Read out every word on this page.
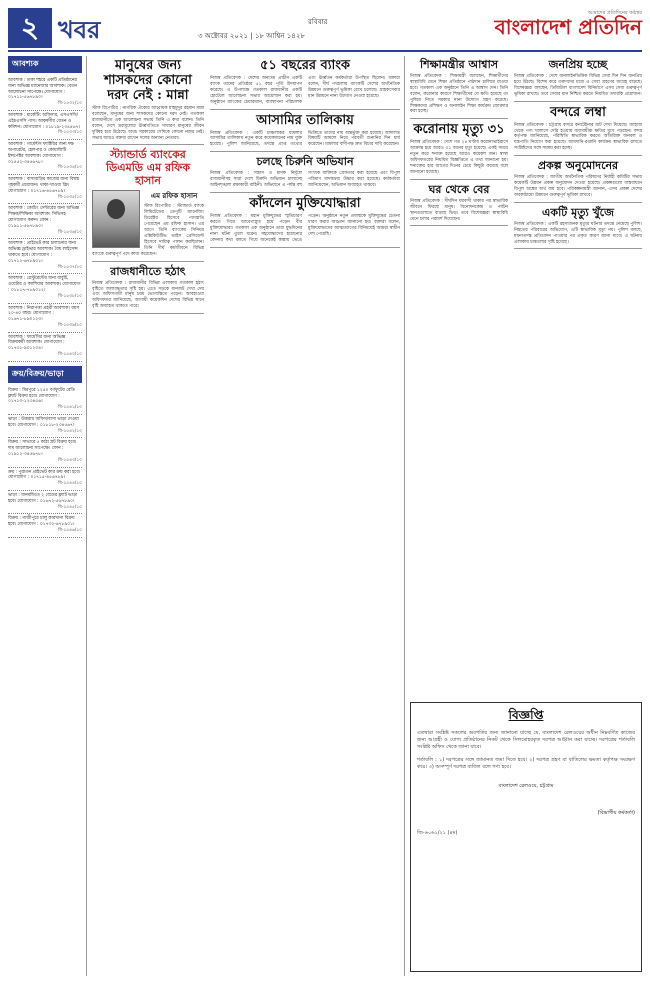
২ খবর	রবিবার
৩ অক্টোবর ২০২১ | ১৮ আশ্বিন ১৪২৮
আমাদের প্রতিদিনের কণ্ঠস্বর
বাংলাদেশ প্রতিদিন
আবশ্যক
আবশ্যক : ঢাকা শহরে একটি প্রতিষ্ঠানের জন্য অভিজ্ঞ ম্যানেজার আবশ্যক। বেতন আলোচনা সাপেক্ষে। যোগাযোগ : ০১৭১১-৫৬৭৮৯০।
বি-১৫৩২/১০
আবশ্যক : মার্কেটিং অফিসার, এসএসসি/এইচএসসি পাস। আকর্ষণীয় বেতন ও কমিশন। যোগাযোগ : ০১৮১৯-২৩৪৫৬৭।
বি-১৫৩৩/১০
আবশ্যক : গার্মেন্টস ফ্যাক্টরির জন্য দক্ষ অপারেটর, হেলপার ও কোয়ালিটি ইন্সপেক্টর আবশ্যক। যোগাযোগ : ০১৫৫২-৩৪৫৬৭৮।
বি-১৫৩৪/১০
আবশ্যক : বাসাবাড়ির কাজের জন্য বিশ্বস্ত গৃহকর্মী প্রয়োজন। থাকা-খাওয়া ফ্রি। যোগাযোগ : ০১৭১৬-৪৫৬৭৮৯।
বি-১৫৩৫/১০
আবশ্যক : কোচিং সেন্টারের জন্য অভিজ্ঞ শিক্ষক/শিক্ষিকা আবশ্যক। সিভিসহ যোগাযোগ করুন। ফোন : ০১৯১১-৫৬৭৮৯০।
বি-১৫৩৬/১০
আবশ্যক : প্রাইভেট কার চালানোর জন্য অভিজ্ঞ ড্রাইভার আবশ্যক। বৈধ লাইসেন্স থাকতে হবে। যোগাযোগ : ০১৭১২-৬৭৮৯০১।
বি-১৫৩৭/১০
আবশ্যক : রেস্টুরেন্টের জন্য বাবুর্চি, ওয়েটার ও ক্যাশিয়ার আবশ্যক। যোগাযোগ : ০১৮১৭-৭৮৯০১২।
বি-১৫৩৮/১০
আবশ্যক : নিরাপত্তা প্রহরী আবশ্যক। বয়স ২০-৪০ বছর। যোগাযোগ : ০১৬৭১-৮৯০১২৩।
বি-১৫৩৯/১০
আবশ্যক : ফার্মেসির জন্য অভিজ্ঞ বিক্রয়কর্মী আবশ্যক। যোগাযোগ : ০১৭৩১-৯০১২৩৪।
বি-১৫৪০/১০
ক্রয়/বিক্রয়/ভাড়া
বিক্রয় : মিরপুরে ১২৫০ বর্গফুটের রেডি ফ্ল্যাট বিক্রয় হবে। যোগাযোগ : ০১৭১৩-১২৩৪৫৬।
বি-১৫৪১/১০
ভাড়া : উত্তরায় অফিস/বাসা ভাড়া দেওয়া হবে। যোগাযোগ : ০১৮১৮-২৩৪৫৬৭।
বি-১৫৪২/১০
বিক্রয় : সাভারে ৫ কাঠা প্লট বিক্রয় হবে। দাম আলোচনা সাপেক্ষে। ফোন : ০১৯১২-৩৪৫৬৭৮।
বি-১৫৪৩/১০
ক্রয় : পুরাতন প্রাইভেট কার ক্রয় করা হবে। যোগাযোগ : ০১৭১৫-৪৫৬৭৮৯।
বি-১৫৪৪/১০
ভাড়া : ধানমন্ডিতে ২ বেডের ফ্ল্যাট ভাড়া হবে। যোগাযোগ : ০১৬৭২-৫৬৭৮৯০।
বি-১৫৪৫/১০
বিক্রয় : গাজীপুরে চালু কারখানা বিক্রয় হবে। যোগাযোগ : ০১৭৩২-৬৭৮৯০১।
বি-১৫৪৬/১০
মানুষের জন্য শাসকদের কোনো দরদ নেই : মান্না
স্টাফ রিপোর্টার : নাগরিক ঐক্যের আহ্বায়ক মাহমুদুর রহমান মান্না বলেছেন, মানুষের জন্য শাসকদের কোনো দরদ নেই। গতকাল রাজধানীতে এক আলোচনা সভায় তিনি এ কথা বলেন। তিনি বলেন, দেশে দ্রব্যমূল্যের ঊর্ধ্বগতিতে সাধারণ মানুষের জীবন দুর্বিষহ হয়ে উঠেছে। অথচ সরকারের সেদিকে কোনো নজর নেই। সভায় আরও বক্তব্য রাখেন দলের অন্যান্য নেতারা।
স্ট্যান্ডার্ড ব্যাংকের ডিএমডি এম রফিক হাসান
এম রফিক হাসান
স্টাফ রিপোর্টার : স্ট্যান্ডার্ড ব্যাংক লিমিটেডের ডেপুটি ম্যানেজিং ডিরেক্টর হিসেবে পদোন্নতি পেয়েছেন এম রফিক হাসান। এর আগে তিনি ব্যাংকের সিনিয়র এক্সিকিউটিভ ভাইস প্রেসিডেন্ট হিসেবে দায়িত্ব পালন করছিলেন। তিনি দীর্ঘ কর্মজীবনে বিভিন্ন ব্যাংকে গুরুত্বপূর্ণ পদে কাজ করেছেন।
রাজধানীতে হঠাৎ
নিজস্ব প্রতিবেদক : রাজধানীর বিভিন্ন এলাকায় গতকাল হঠাৎ বৃষ্টিতে জলাবদ্ধতার সৃষ্টি হয়। এতে সড়কে যানজট দেখা দেয় এবং অফিসগামী মানুষ চরম ভোগান্তিতে পড়েন। আবহাওয়া অধিদফতর জানিয়েছে, আগামী কয়েকদিন দেশের বিভিন্ন স্থানে বৃষ্টি অব্যাহত থাকতে পারে।
৫১ বছরের ব্যাংক
নিজস্ব প্রতিবেদক : দেশের অন্যতম প্রাচীন একটি ব্যাংক তাদের প্রতিষ্ঠার ৫১ বছর পূর্তি উদযাপন করেছে। এ উপলক্ষে গতকাল রাজধানীর একটি হোটেলে আলোচনা সভার আয়োজন করা হয়। অনুষ্ঠানে ব্যাংকের চেয়ারম্যান, ব্যবস্থাপনা পরিচালক এবং ঊর্ধ্বতন কর্মকর্তারা উপস্থিত ছিলেন। বক্তারা বলেন, দীর্ঘ পথচলায় ব্যাংকটি দেশের অর্থনৈতিক উন্নয়নে গুরুত্বপূর্ণ ভূমিকা রেখে চলেছে। গ্রাহকসেবার মান উন্নয়নে নানা উদ্যোগ নেওয়া হয়েছে।
আসামির তালিকায়
নিজস্ব প্রতিবেদক : একটি চাঞ্চল্যকর মামলার আসামির তালিকায় নতুন করে কয়েকজনের নাম যুক্ত হয়েছে। পুলিশ জানিয়েছে, তদন্তে প্রাপ্ত তথ্যের ভিত্তিতে তাদের নাম অন্তর্ভুক্ত করা হয়েছে। আদালত বিষয়টি আমলে নিয়ে পরবর্তী শুনানির দিন ধার্য করেছেন। মামলার বাদীপক্ষ দ্রুত বিচার দাবি করেছেন।
চলছে চিরুনি অভিযান
নিজস্ব প্রতিবেদক : সন্ত্রাস ও মাদক নির্মূলে রাজধানীসহ সারা দেশে চিরুনি অভিযান চালাচ্ছে আইনশৃঙ্খলা রক্ষাকারী বাহিনী। অভিযানে এ পর্যন্ত বহু সংখ্যক ব্যক্তিকে গ্রেফতার করা হয়েছে এবং বিপুল পরিমাণ মাদকদ্রব্য উদ্ধার করা হয়েছে। কর্মকর্তারা জানিয়েছেন, অভিযান অব্যাহত থাকবে।
কাঁদলেন মুক্তিযোদ্ধারা
নিজস্ব প্রতিবেদক : মহান মুক্তিযুদ্ধের স্মৃতিচারণ করতে গিয়ে আবেগাপ্লুত হয়ে পড়েন বীর মুক্তিযোদ্ধারা। গতকাল এক অনুষ্ঠানে তারা যুদ্ধদিনের নানা ঘটনা তুলে ধরেন। সহযোদ্ধাদের হারানোর বেদনার কথা বলতে গিয়ে অনেকেই কান্নায় ভেঙে পড়েন। অনুষ্ঠানে নতুন প্রজন্মকে মুক্তিযুদ্ধের চেতনা ধারণ করার আহ্বান জানানো হয়। বক্তারা বলেন, মুক্তিযোদ্ধাদের আত্মত্যাগের বিনিময়েই আমরা স্বাধীন দেশ পেয়েছি।
শিক্ষামন্ত্রীর আশ্বাস
নিজস্ব প্রতিবেদক : শিক্ষামন্ত্রী বলেছেন, শিক্ষার্থীদের স্বাস্থ্যবিধি মেনে শিক্ষা প্রতিষ্ঠানে পাঠদান চালিয়ে যাওয়া হবে। গতকাল এক অনুষ্ঠানে তিনি এ আশ্বাস দেন। তিনি বলেন, করোনার কারণে শিক্ষার্থীদের যে ক্ষতি হয়েছে তা পুষিয়ে নিতে সরকার নানা উদ্যোগ গ্রহণ করেছে। শিক্ষকদের প্রশিক্ষণ ও অনলাইন শিক্ষা কার্যক্রম জোরদার করা হচ্ছে।
করোনায় মৃত্যু ৩১
নিজস্ব প্রতিবেদক : দেশে গত ২৪ ঘণ্টায় করোনাভাইরাসে আক্রান্ত হয়ে আরও ৩১ জনের মৃত্যু হয়েছে। একই সময়ে নতুন করে শনাক্ত হয়েছে আরও কয়েকশ জন। স্বাস্থ্য অধিদফতরের নিয়মিত বিজ্ঞপ্তিতে এ তথ্য জানানো হয়। শনাক্তের হার আগের দিনের চেয়ে কিছুটা কমেছে বলে জানানো হয়েছে।
ঘর থেকে বের
নিজস্ব প্রতিবেদক : দীর্ঘদিন ঘরবন্দী থাকার পর স্বাভাবিক জীবনে ফিরছে মানুষ। বিনোদনকেন্দ্র ও পর্যটন স্থানগুলোতে বাড়ছে ভিড়। তবে বিশেষজ্ঞরা স্বাস্থ্যবিধি মেনে চলার পরামর্শ দিয়েছেন।
জনপ্রিয় হচ্ছে
নিজস্ব প্রতিবেদক : দেশে অনলাইনভিত্তিক বিভিন্ন সেবা দিন দিন জনপ্রিয় হয়ে উঠছে। বিশেষ করে তরুণদের মধ্যে এ সেবা গ্রহণের আগ্রহ বাড়ছে। বিশেষজ্ঞরা বলছেন, ডিজিটাল বাংলাদেশ বিনির্মাণে এসব সেবা গুরুত্বপূর্ণ ভূমিকা রাখছে। তবে সেবার মান নিশ্চিত করতে নিয়মিত তদারকি প্রয়োজন।
বন্দরে লম্বা
নিজস্ব প্রতিবেদক : চট্টগ্রাম বন্দরে কনটেইনার জট দেখা দিয়েছে। জাহাজ থেকে পণ্য খালাসে দেরি হওয়ায় ব্যবসায়ীরা ক্ষতির মুখে পড়ছেন। বন্দর কর্তৃপক্ষ জানিয়েছে, পরিস্থিতি স্বাভাবিক করতে অতিরিক্ত জনবল ও যন্ত্রপাতি নিয়োগ করা হয়েছে। আমদানি-রপ্তানি কার্যক্রম স্বাভাবিক রাখতে সংশ্লিষ্টদের সঙ্গে সমন্বয় করা হচ্ছে।
প্রকল্প অনুমোদনের
নিজস্ব প্রতিবেদক : জাতীয় অর্থনৈতিক পরিষদের নির্বাহী কমিটির সভায় কয়েকটি উন্নয়ন প্রকল্প অনুমোদন দেওয়া হয়েছে। প্রকল্পগুলো বাস্তবায়নে বিপুল অঙ্কের অর্থ ব্যয় হবে। পরিকল্পনামন্ত্রী জানান, এসব প্রকল্প দেশের অবকাঠামো উন্নয়নে গুরুত্বপূর্ণ ভূমিকা রাখবে।
একটি মৃত্যু খুঁজে
নিজস্ব প্রতিবেদক : একটি রহস্যজনক মৃত্যুর ঘটনার তদন্তে নেমেছে পুলিশ। নিহতের পরিবারের অভিযোগ, এটি স্বাভাবিক মৃত্যু নয়। পুলিশ বলছে, ময়নাতদন্ত প্রতিবেদন পাওয়ার পর প্রকৃত কারণ জানা যাবে। এ ঘটনায় এলাকায় চাঞ্চল্যের সৃষ্টি হয়েছে।
বিজ্ঞপ্তি
এতদ্বারা সংশ্লিষ্ট সকলের অবগতির জন্য জানানো যাচ্ছে যে, বাংলাদেশ রেলওয়ের অধীন নিম্নবর্ণিত কাজের জন্য আগ্রহী ও যোগ্য প্রতিষ্ঠানের নিকট থেকে সিলমোহরকৃত দরপত্র আহ্বান করা যাচ্ছে। দরপত্রের শর্তাবলি সংশ্লিষ্ট অফিস থেকে জানা যাবে।
শর্তাবলি : ১) দরপত্রের সঙ্গে জামানত জমা দিতে হবে। ২) দরপত্র গ্রহণ বা বাতিলের ক্ষমতা কর্তৃপক্ষ সংরক্ষণ করে। ৩) অসম্পূর্ণ দরপত্র বাতিল বলে গণ্য হবে।
বাংলাদেশ রেলওয়ে, চট্টগ্রাম
(বিভাগীয় কর্মকর্তা)
জি-৬০৬১/২১ (৪ম)
